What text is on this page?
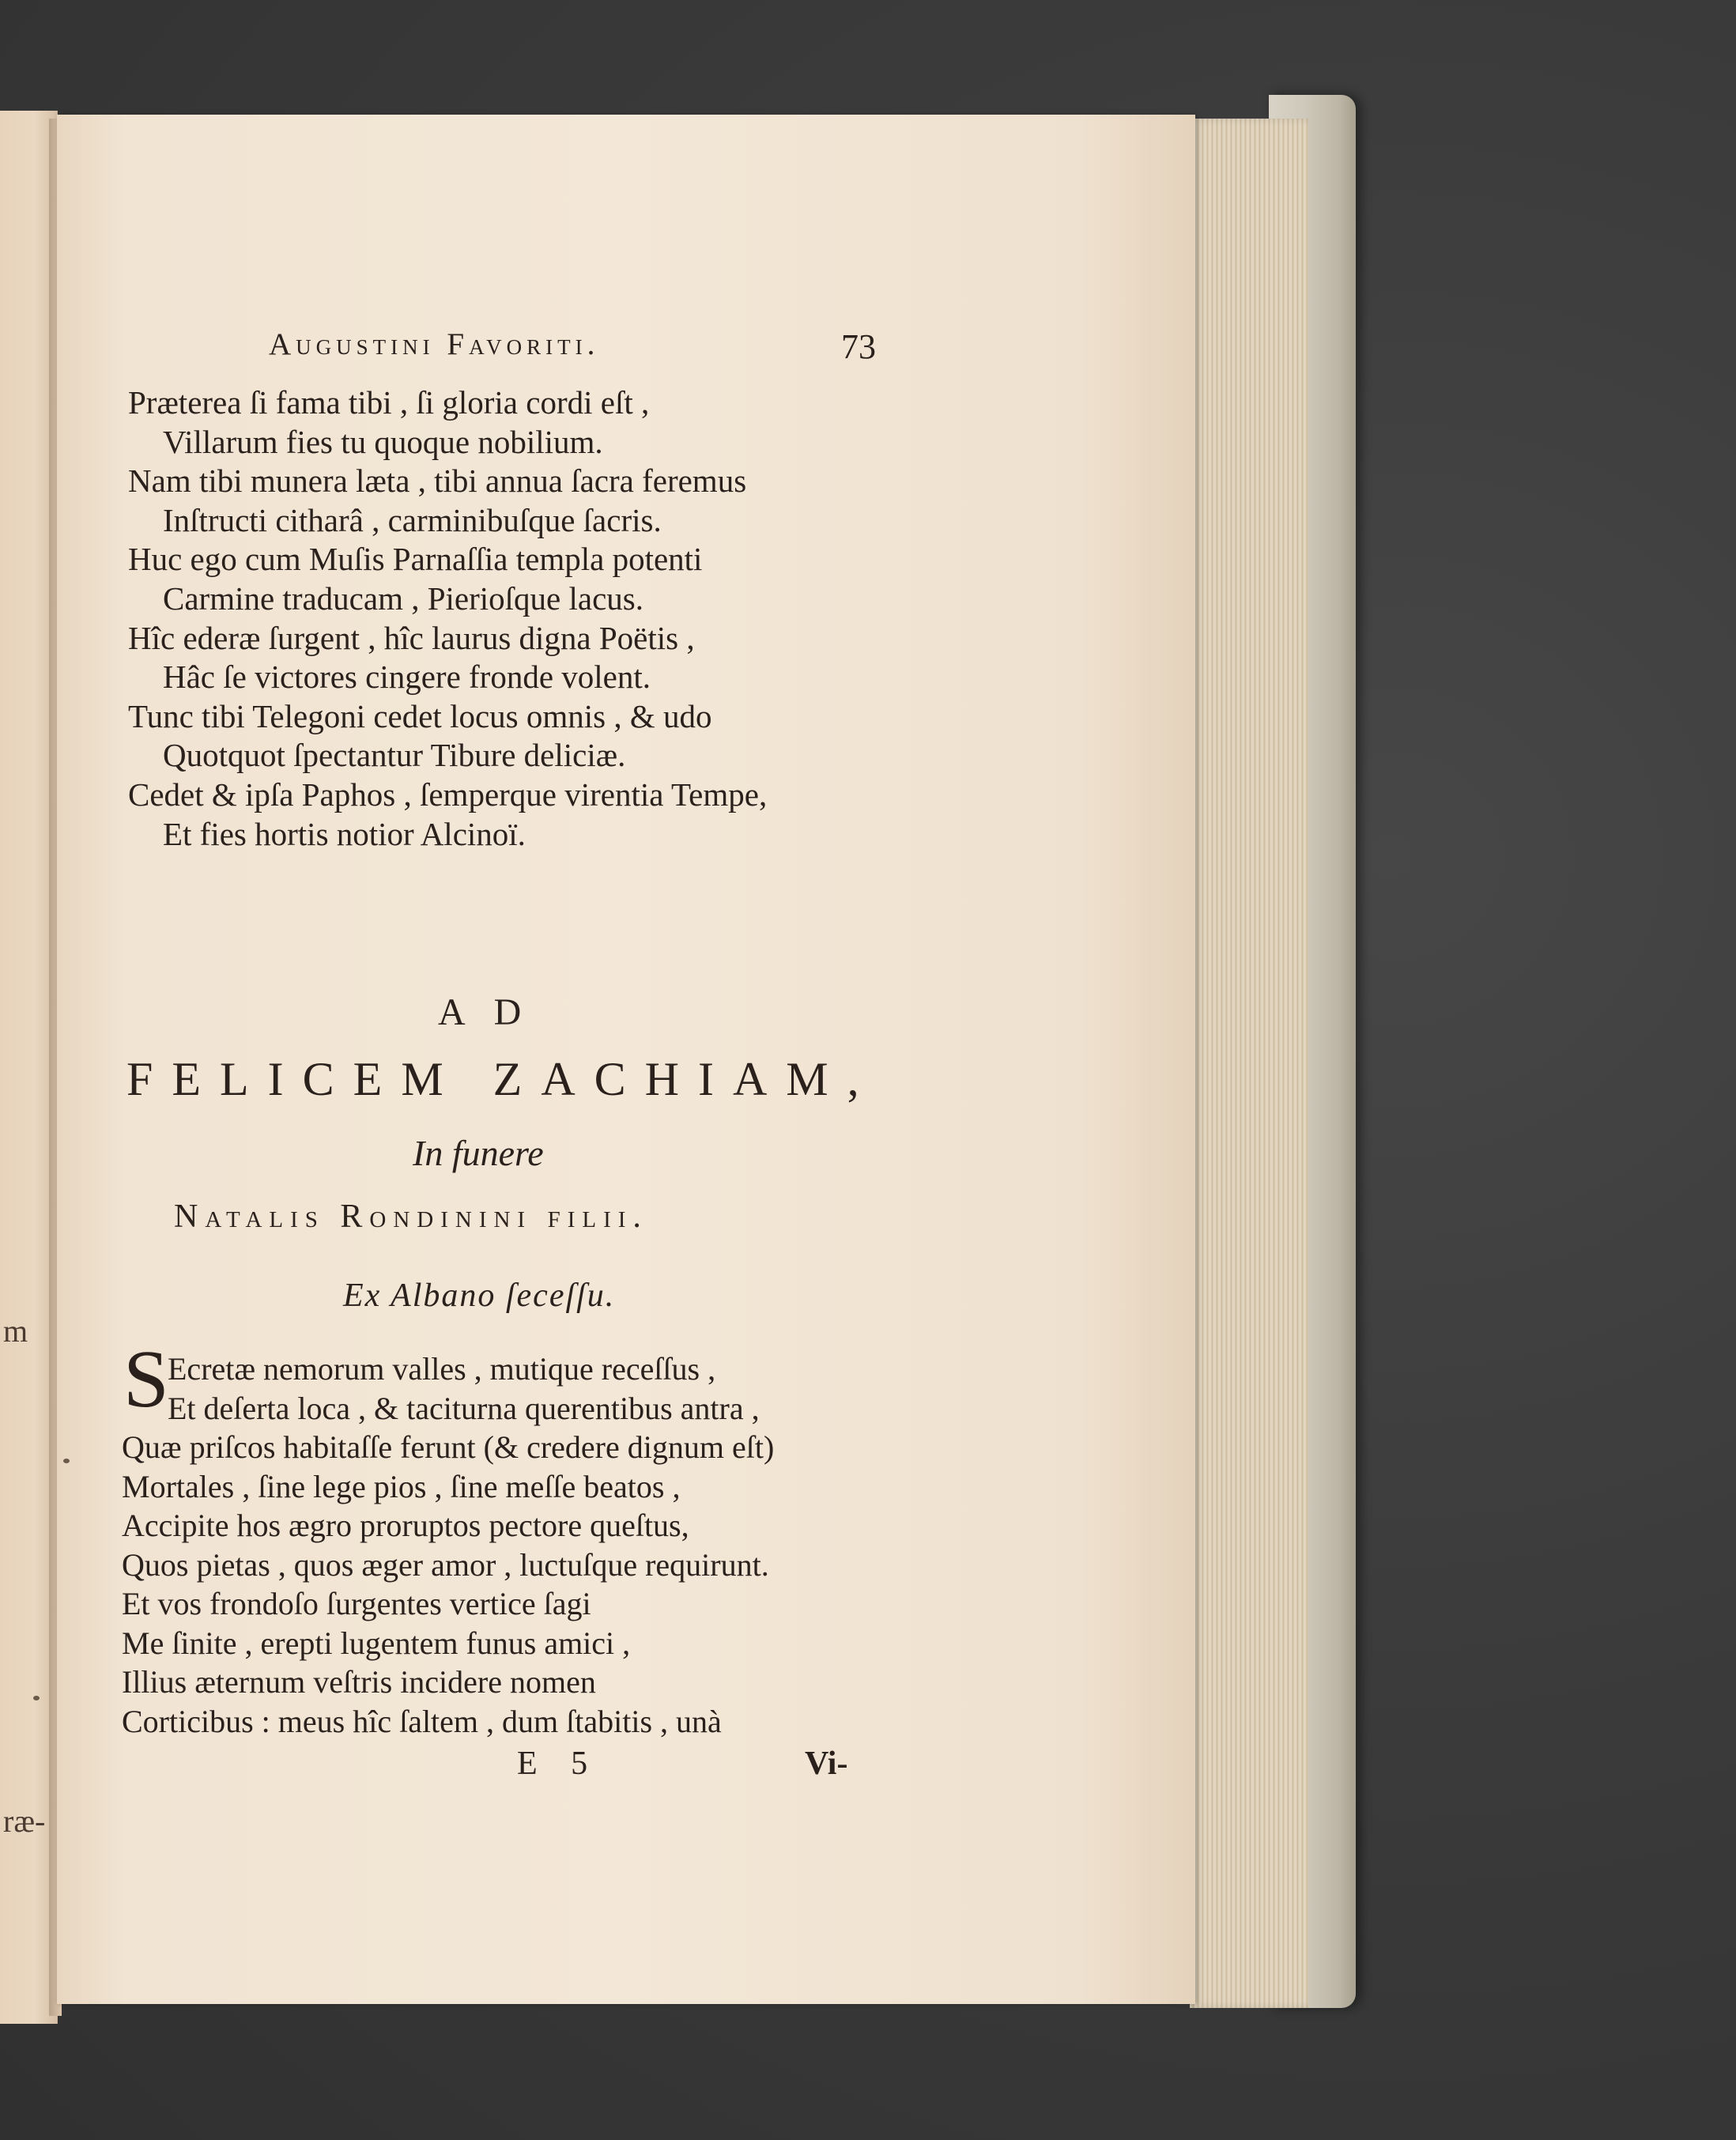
m
ræ-
Augustini Favoriti.	73
Præterea ſi fama tibi , ſi gloria cordi eſt ,
Villarum fies tu quoque nobilium.
Nam tibi munera læta , tibi annua ſacra feremus
Inſtructi citharâ , carminibuſque ſacris.
Huc ego cum Muſis Parnaſſia templa potenti
Carmine traducam , Pierioſque lacus.
Hîc ederæ ſurgent , hîc laurus digna Poëtis ,
Hâc ſe victores cingere fronde volent.
Tunc tibi Telegoni cedet locus omnis , & udo
Quotquot ſpectantur Tibure deliciæ.
Cedet & ipſa Paphos , ſemperque virentia Tempe,
Et fies hortis notior Alcinoï.
AD
FELICEM ZACHIAM,
In funere
Natalis Rondinini filii.
Ex Albano ſeceſſu.
S
Ecretæ nemorum valles , mutique receſſus ,
Et deſerta loca , & taciturna querentibus antra ,
Quæ priſcos habitaſſe ferunt (& credere dignum eſt)
Mortales , ſine lege pios , ſine meſſe beatos ,
Accipite hos ægro proruptos pectore queſtus,
Quos pietas , quos æger amor , luctuſque requirunt.
Et vos frondoſo ſurgentes vertice ſagi
Me ſinite , erepti lugentem funus amici ,
Illius æternum veſtris incidere nomen
Corticibus : meus hîc ſaltem , dum ſtabitis , unà
E 5	Vi-
